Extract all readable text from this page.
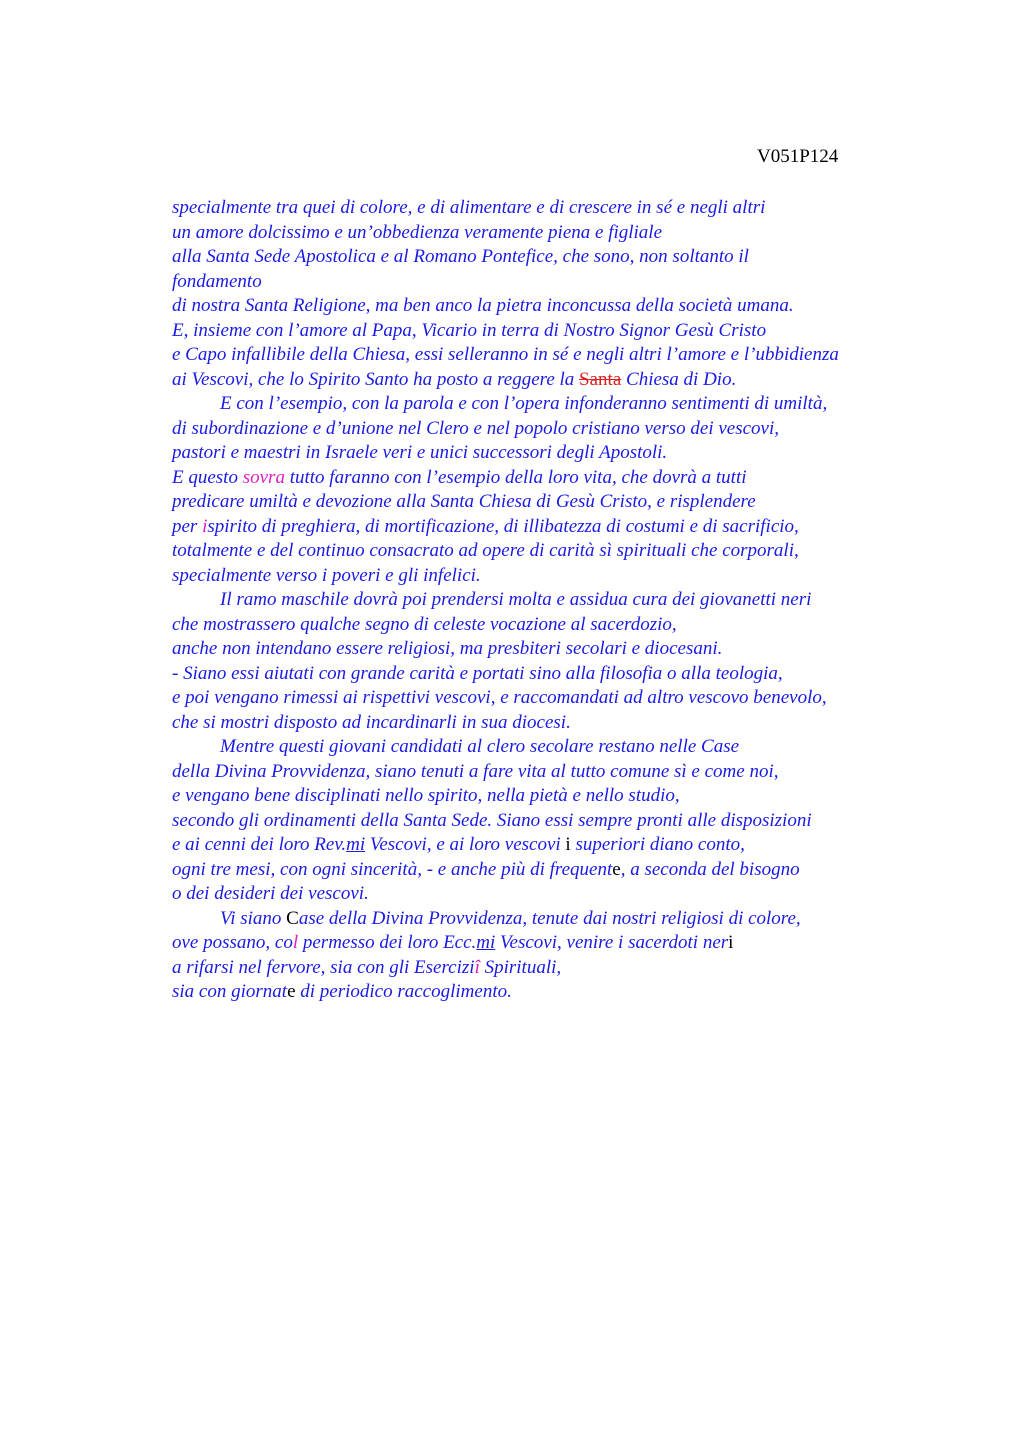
V051P124
specialmente tra quei di colore, e di alimentare e di crescere in sé e negli altri
un amore dolcissimo e un’obbedienza veramente piena e figliale
alla Santa Sede Apostolica e al Romano Pontefice, che sono, non soltanto il
fondamento
di nostra Santa Religione, ma ben anco la pietra inconcussa della società umana.
E, insieme con l’amore al Papa, Vicario in terra di Nostro Signor Gesù Cristo
e Capo infallibile della Chiesa, essi selleranno in sé e negli altri l’amore e l’ubbidienza
ai Vescovi, che lo Spirito Santo ha posto a reggere la Santa Chiesa di Dio.
E con l’esempio, con la parola e con l’opera infonderanno sentimenti di umiltà,
di subordinazione e d’unione nel Clero e nel popolo cristiano verso dei vescovi,
pastori e maestri in Israele veri e unici successori degli Apostoli.
E questo sovra tutto faranno con l’esempio della loro vita, che dovrà a tutti
predicare umiltà e devozione alla Santa Chiesa di Gesù Cristo, e risplendere
per ispirito di preghiera, di mortificazione, di illibatezza di costumi e di sacrificio,
totalmente e del continuo consacrato ad opere di carità sì spirituali che corporali,
specialmente verso i poveri e gli infelici.
Il ramo maschile dovrà poi prendersi molta e assidua cura dei giovanetti neri
che mostrassero qualche segno di celeste vocazione al sacerdozio,
anche non intendano essere religiosi, ma presbiteri secolari e diocesani.
- Siano essi aiutati con grande carità e portati sino alla filosofia o alla teologia,
e poi vengano rimessi ai rispettivi vescovi, e raccomandati ad altro vescovo benevolo,
che si mostri disposto ad incardinarli in sua diocesi.
Mentre questi giovani candidati al clero secolare restano nelle Case
della Divina Provvidenza, siano tenuti a fare vita al tutto comune sì e come noi,
e vengano bene disciplinati nello spirito, nella pietà e nello studio,
secondo gli ordinamenti della Santa Sede. Siano essi sempre pronti alle disposizioni
e ai cenni dei loro Rev.mi Vescovi, e ai loro vescovi i superiori diano conto,
ogni tre mesi, con ogni sincerità, - e anche più di frequente, a seconda del bisogno
o dei desideri dei vescovi.
Vi siano Case della Divina Provvidenza, tenute dai nostri religiosi di colore,
ove possano, col permesso dei loro Ecc.mi Vescovi, venire i sacerdoti neri
a rifarsi nel fervore, sia con gli Eserciziî Spirituali,
sia con giornate di periodico raccoglimento.
